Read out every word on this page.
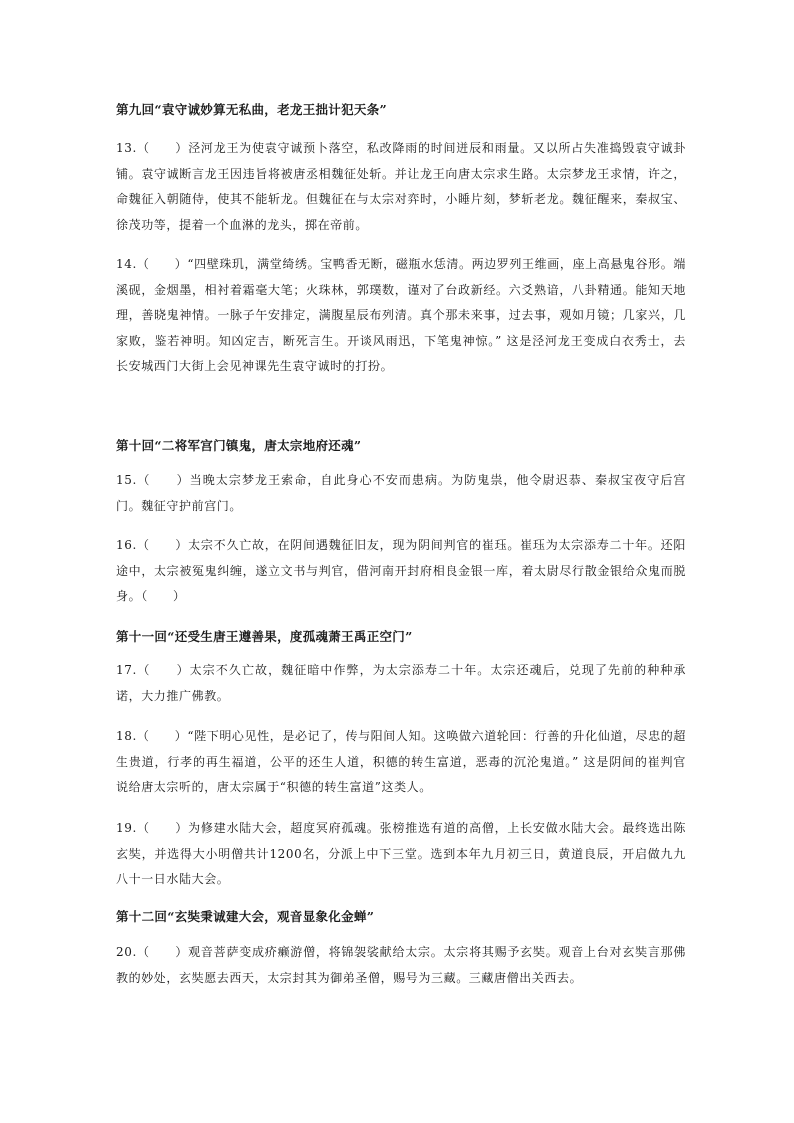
第九回“袁守诚妙算无私曲，老龙王拙计犯天条”
13.（　　）泾河龙王为使袁守诚预卜落空，私改降雨的时间迸辰和雨量。又以所占失准捣毁袁守诚卦铺。袁守诚断言龙王因违旨将被唐丞相魏征处斩。并让龙王向唐太宗求生路。太宗梦龙王求情，许之，命魏征入朝随侍，使其不能斩龙。但魏征在与太宗对弈时，小睡片刻，梦斩老龙。魏征醒来，秦叔宝、徐茂功等，提着一个血淋的龙头，掷在帝前。
14.（　　）“四壁珠玑，满堂绮绣。宝鸭香无断，磁瓶水恁清。两边罗列王维画，座上高悬鬼谷形。端溪砚，金烟墨，相衬着霜毫大笔；火珠林，郭璞数，谨对了台政新经。六爻熟谙，八卦精通。能知天地理，善晓鬼神情。一脉子午安排定，满腹星辰布列清。真个那未来事，过去事，观如月镜；几家兴，几家败，鉴若神明。知凶定吉，断死言生。开谈风雨迅，下笔鬼神惊。” 这是泾河龙王变成白衣秀士，去长安城西门大街上会见神课先生袁守诚时的打扮。
第十回“二将军宫门镇鬼，唐太宗地府还魂”
15.（　　）当晚太宗梦龙王索命，自此身心不安而患病。为防鬼祟，他令尉迟恭、秦叔宝夜守后宫门。魏征守护前宫门。
16.（　　）太宗不久亡故，在阴间遇魏征旧友，现为阴间判官的崔珏。崔珏为太宗添寿二十年。还阳途中，太宗被冤鬼纠缠，遂立文书与判官，借河南开封府相良金银一库，着太尉尽行散金银给众鬼而脱身。（　　）
第十一回“还受生唐王遵善果，度孤魂萧王禹正空门”
17.（　　）太宗不久亡故，魏征暗中作弊，为太宗添寿二十年。太宗还魂后，兑现了先前的种种承诺，大力推广佛教。
18.（　　）“陛下明心见性，是必记了，传与阳间人知。这唤做六道轮回：行善的升化仙道，尽忠的超生贵道，行孝的再生福道，公平的还生人道，积德的转生富道，恶毒的沉沦鬼道。” 这是阴间的崔判官说给唐太宗听的，唐太宗属于“积德的转生富道”这类人。
19.（　　）为修建水陆大会，超度冥府孤魂。张榜推选有道的高僧，上长安做水陆大会。最终选出陈玄奘，并选得大小明僧共计1200名，分派上中下三堂。选到本年九月初三日，黄道良辰，开启做九九八十一日水陆大会。
第十二回“玄奘秉诚建大会，观音显象化金蝉”
20.（　　）观音菩萨变成疥癞游僧，将锦袈裟献给太宗。太宗将其赐予玄奘。观音上台对玄奘言那佛教的妙处，玄奘愿去西天，太宗封其为御弟圣僧，赐号为三藏。三藏唐僧出关西去。
